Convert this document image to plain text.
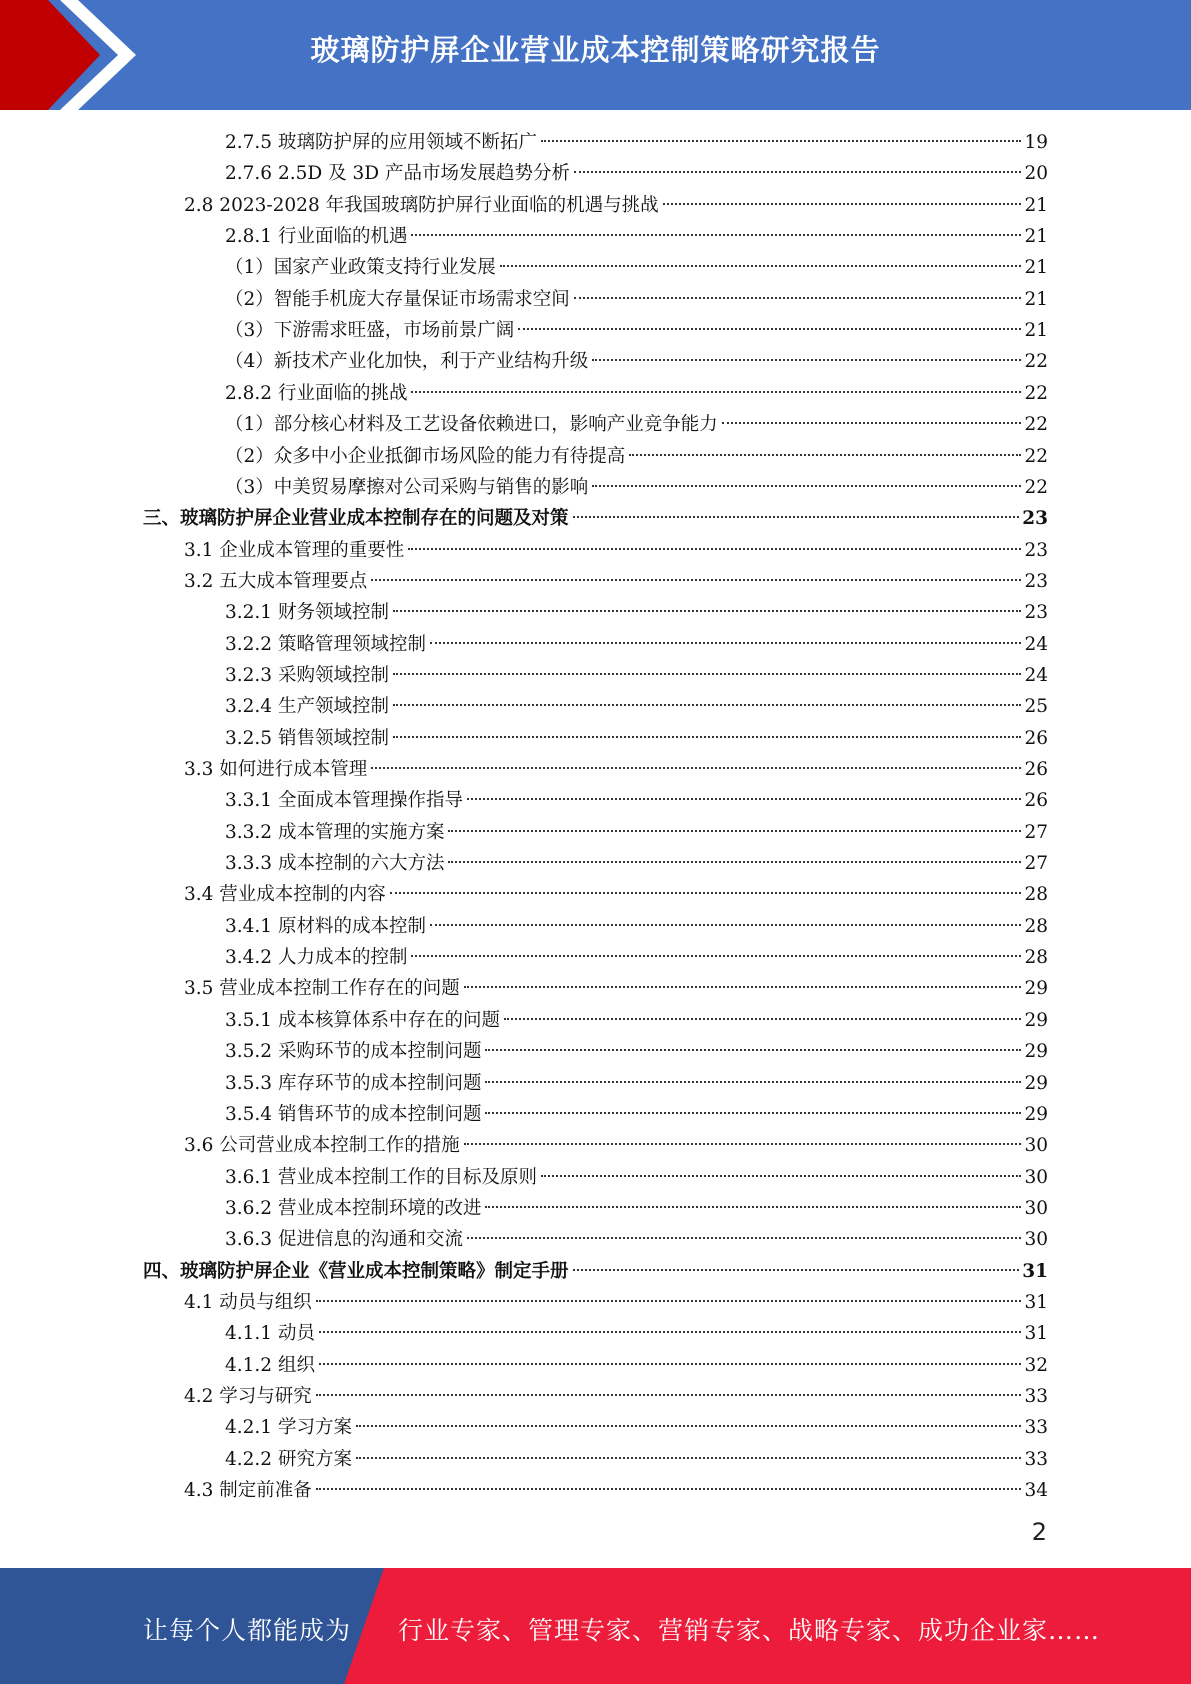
玻璃防护屏企业营业成本控制策略研究报告
2.7.5 玻璃防护屏的应用领域不断拓广	19
2.7.6 2.5D 及 3D 产品市场发展趋势分析	20
2.8 2023-2028 年我国玻璃防护屏行业面临的机遇与挑战	21
2.8.1 行业面临的机遇	21
（1）国家产业政策支持行业发展	21
（2）智能手机庞大存量保证市场需求空间	21
（3）下游需求旺盛，市场前景广阔	21
（4）新技术产业化加快，利于产业结构升级	22
2.8.2 行业面临的挑战	22
（1）部分核心材料及工艺设备依赖进口，影响产业竞争能力	22
（2）众多中小企业抵御市场风险的能力有待提高	22
（3）中美贸易摩擦对公司采购与销售的影响	22
三、玻璃防护屏企业营业成本控制存在的问题及对策	23
3.1 企业成本管理的重要性	23
3.2 五大成本管理要点	23
3.2.1 财务领域控制	23
3.2.2 策略管理领域控制	24
3.2.3 采购领域控制	24
3.2.4 生产领域控制	25
3.2.5 销售领域控制	26
3.3 如何进行成本管理	26
3.3.1 全面成本管理操作指导	26
3.3.2 成本管理的实施方案	27
3.3.3 成本控制的六大方法	27
3.4 营业成本控制的内容	28
3.4.1 原材料的成本控制	28
3.4.2 人力成本的控制	28
3.5 营业成本控制工作存在的问题	29
3.5.1 成本核算体系中存在的问题	29
3.5.2 采购环节的成本控制问题	29
3.5.3 库存环节的成本控制问题	29
3.5.4 销售环节的成本控制问题	29
3.6 公司营业成本控制工作的措施	30
3.6.1 营业成本控制工作的目标及原则	30
3.6.2 营业成本控制环境的改进	30
3.6.3 促进信息的沟通和交流	30
四、玻璃防护屏企业《营业成本控制策略》制定手册	31
4.1 动员与组织	31
4.1.1 动员	31
4.1.2 组织	32
4.2 学习与研究	33
4.2.1 学习方案	33
4.2.2 研究方案	33
4.3 制定前准备	34
2
让每个人都能成为 行业专家、管理专家、营销专家、战略专家、成功企业家……
